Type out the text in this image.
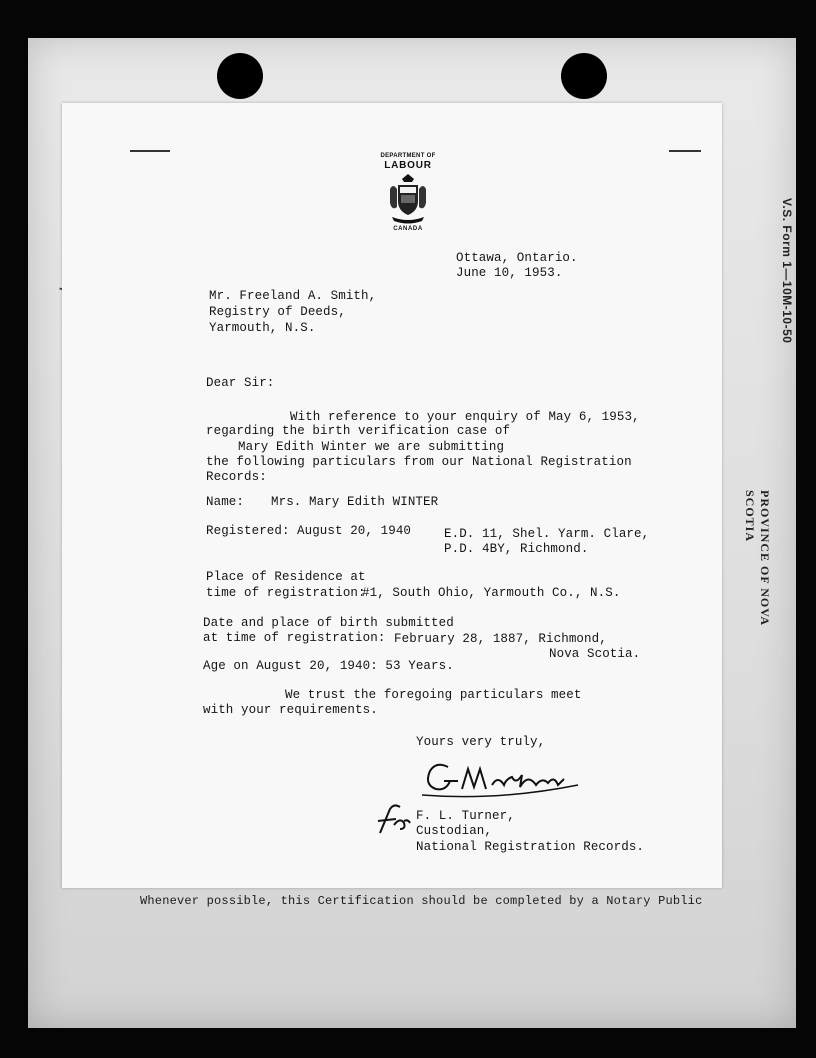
V.S. Form 1—10M-10-50
PROVINCE OF NOVA SCOTIA
DEPARTMENT OF
LABOUR
CANADA
Ottawa, Ontario.
June 10, 1953.
Mr. Freeland A. Smith,
Registry of Deeds,
Yarmouth, N.S.
Dear Sir:
With reference to your enquiry of May 6, 1953,
regarding the birth verification case of
Mary Edith Winter we are submitting
the following particulars from our National Registration
Records:
Name: Mrs. Mary Edith WINTER
Registered: August 20, 1940	E.D. 11, Shel. Yarm. Clare,
P.D. 4BY, Richmond.
Place of Residence at
time of registration:
#1, South Ohio, Yarmouth Co., N.S.
Date and place of birth submitted
at time of registration: February 28, 1887, Richmond,
Nova Scotia.
Age on August 20, 1940: 53 Years.
We trust the foregoing particulars meet
with your requirements.
Yours very truly,
F. L. Turner,
Custodian,
National Registration Records.
Whenever possible, this Certification should be completed by a Notary Public
